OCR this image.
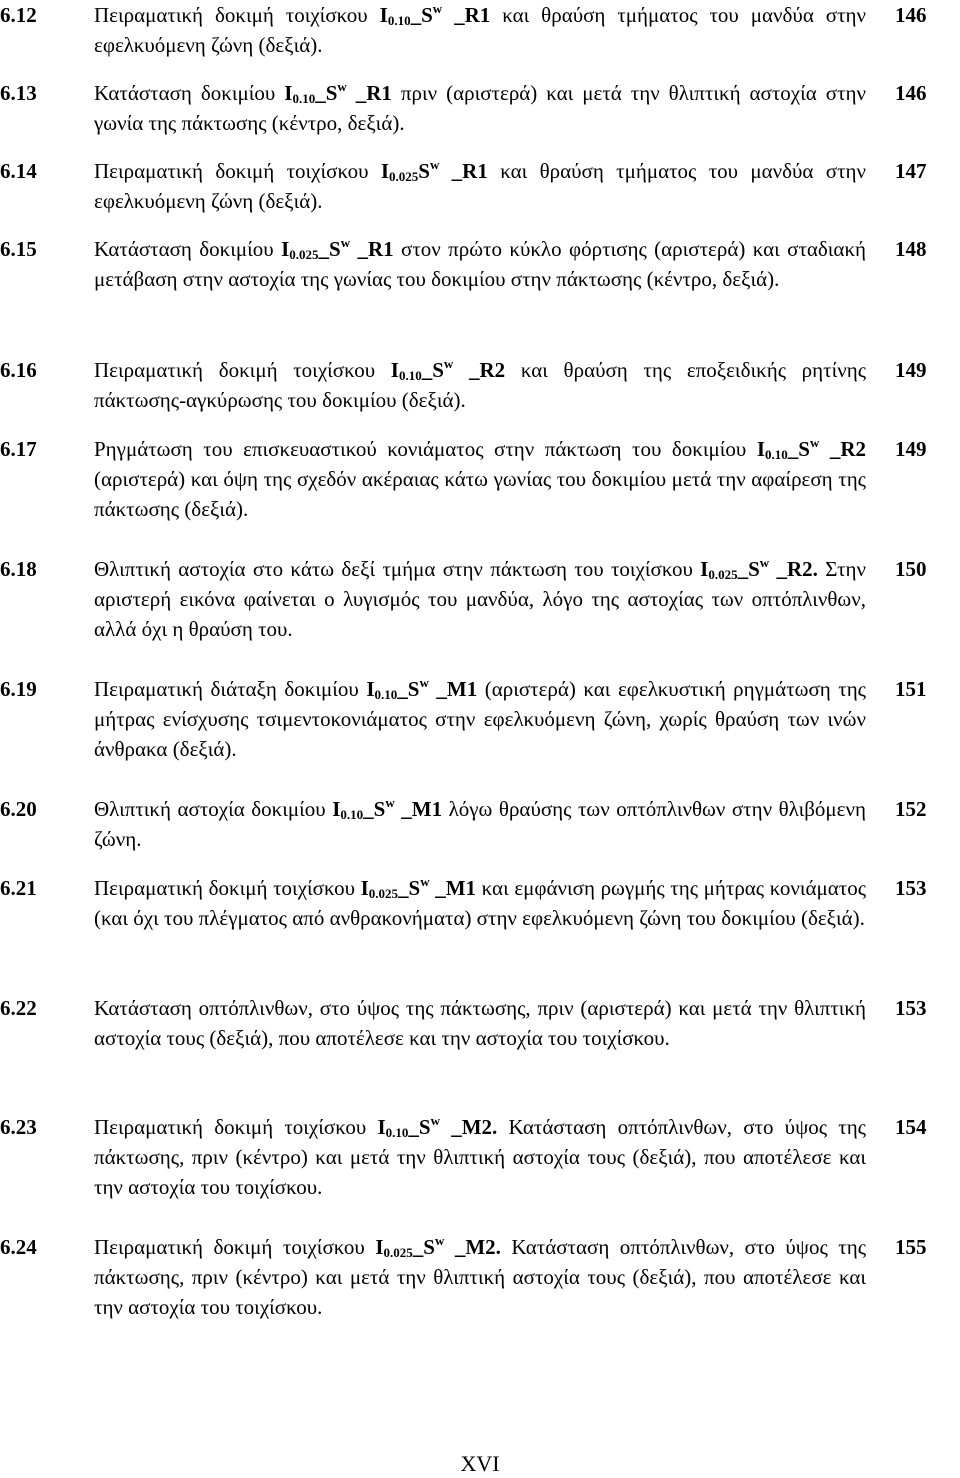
6.12	Πειραματική δοκιμή τοιχίσκου $I_{0.10}\_S^w$ _R1 και θραύση τμήματος του μανδύα στην εφελκυόμενη ζώνη (δεξιά).
146
6.13	Κατάσταση δοκιμίου $I_{0.10}\_S^w$ _R1 πριν (αριστερά) και μετά την θλιπτική αστοχία στην γωνία της πάκτωσης (κέντρο, δεξιά).
146
6.14	Πειραματική δοκιμή τοιχίσκου $I_{0.025}S^w$ _R1 και θραύση τμήματος του μανδύα στην εφελκυόμενη ζώνη (δεξιά).
147
6.15	Κατάσταση δοκιμίου $I_{0.025}\_S^w$ _R1 στον πρώτο κύκλο φόρτισης (αριστερά) και σταδιακή μετάβαση στην αστοχία της γωνίας του δοκιμίου στην πάκτωσης (κέντρο, δεξιά).
148
6.16	Πειραματική δοκιμή τοιχίσκου $I_{0.10}\_S^w$ _R2 και θραύση της εποξειδικής ρητίνης πάκτωσης-αγκύρωσης του δοκιμίου (δεξιά).
149
6.17	Ρηγμάτωση του επισκευαστικού κονιάματος στην πάκτωση του δοκιμίου $I_{0.10}\_S^w$ _R2 (αριστερά) και όψη της σχεδόν ακέραιας κάτω γωνίας του δοκιμίου μετά την αφαίρεση της πάκτωσης (δεξιά).
149
6.18	Θλιπτική αστοχία στο κάτω δεξί τμήμα στην πάκτωση του τοιχίσκου $I_{0.025}\_S^w$ _R2. Στην αριστερή εικόνα φαίνεται ο λυγισμός του μανδύα, λόγο της αστοχίας των οπτόπλινθων, αλλά όχι η θραύση του.
150
6.19	Πειραματική διάταξη δοκιμίου $I_{0.10}\_S^w$ _M1 (αριστερά) και εφελκυστική ρηγμάτωση της μήτρας ενίσχυσης τσιμεντοκονιάματος στην εφελκυόμενη ζώνη, χωρίς θραύση των ινών άνθρακα (δεξιά).
151
6.20	Θλιπτική αστοχία δοκιμίου $I_{0.10}\_S^w$ _M1 λόγω θραύσης των οπτόπλινθων στην θλιβόμενη ζώνη.
152
6.21	Πειραματική δοκιμή τοιχίσκου $I_{0.025}\_S^w$ _M1 και εμφάνιση ρωγμής της μήτρας κονιάματος (και όχι του πλέγματος από ανθρακονήματα) στην εφελκυόμενη ζώνη του δοκιμίου (δεξιά).
153
6.22	Κατάσταση οπτόπλινθων, στο ύψος της πάκτωσης, πριν (αριστερά) και μετά την θλιπτική αστοχία τους (δεξιά), που αποτέλεσε και την αστοχία του τοιχίσκου.
153
6.23	Πειραματική δοκιμή τοιχίσκου $I_{0.10}\_S^w$ _M2. Κατάσταση οπτόπλινθων, στο ύψος της πάκτωσης, πριν (κέντρο) και μετά την θλιπτική αστοχία τους (δεξιά), που αποτέλεσε και την αστοχία του τοιχίσκου.
154
6.24	Πειραματική δοκιμή τοιχίσκου $I_{0.025}\_S^w$ _M2. Κατάσταση οπτόπλινθων, στο ύψος της πάκτωσης, πριν (κέντρο) και μετά την θλιπτική αστοχία τους (δεξιά), που αποτέλεσε και την αστοχία του τοιχίσκου.
155
XVI
